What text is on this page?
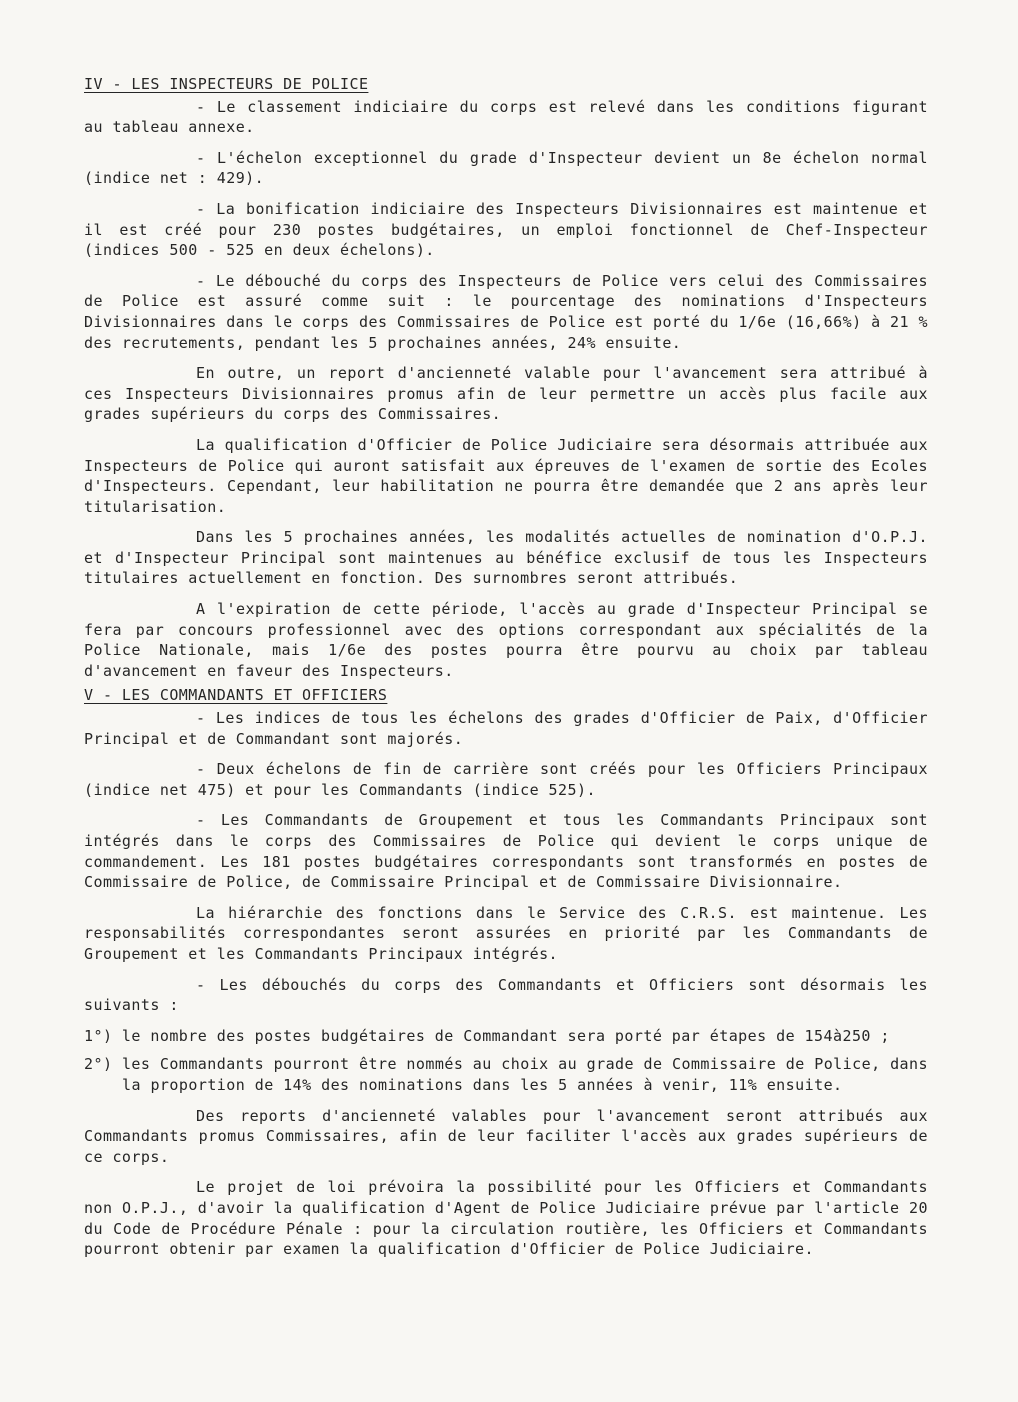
IV - LES INSPECTEURS DE POLICE

- Le classement indiciaire du corps est relevé dans les conditions figurant au tableau annexe.

- L'échelon exceptionnel du grade d'Inspecteur devient un 8e échelon normal (indice net : 429).

- La bonification indiciaire des Inspecteurs Divisionnaires est maintenue et il est créé pour 230 postes budgétaires, un emploi fonctionnel de Chef-Inspecteur (indices 500 - 525 en deux échelons).

- Le débouché du corps des Inspecteurs de Police vers celui des Commissaires de Police est assuré comme suit : le pourcentage des nominations d'Inspecteurs Divisionnaires dans le corps des Commissaires de Police est porté du 1/6e (16,66%) à 21 % des recrutements, pendant les 5 prochaines années, 24% ensuite.

En outre, un report d'ancienneté valable pour l'avancement sera attribué à ces Inspecteurs Divisionnaires promus afin de leur permettre un accès plus facile aux grades supérieurs du corps des Commissaires.

La qualification d'Officier de Police Judiciaire sera désormais attribuée aux Inspecteurs de Police qui auront satisfait aux épreuves de l'examen de sortie des Ecoles d'Inspecteurs. Cependant, leur habilitation ne pourra être demandée que 2 ans après leur titularisation.

Dans les 5 prochaines années, les modalités actuelles de nomination d'O.P.J. et d'Inspecteur Principal sont maintenues au bénéfice exclusif de tous les Inspecteurs titulaires actuellement en fonction. Des surnombres seront attribués.

A l'expiration de cette période, l'accès au grade d'Inspecteur Principal se fera par concours professionnel avec des options correspondant aux spécialités de la Police Nationale, mais 1/6e des postes pourra être pourvu au choix par tableau d'avancement en faveur des Inspecteurs.

V - LES COMMANDANTS ET OFFICIERS

- Les indices de tous les échelons des grades d'Officier de Paix, d'Officier Principal et de Commandant sont majorés.

- Deux échelons de fin de carrière sont créés pour les Officiers Principaux (indice net 475) et pour les Commandants (indice 525).

- Les Commandants de Groupement et tous les Commandants Principaux sont intégrés dans le corps des Commissaires de Police qui devient le corps unique de commandement. Les 181 postes budgétaires correspondants sont transformés en postes de Commissaire de Police, de Commissaire Principal et de Commissaire Divisionnaire.

La hiérarchie des fonctions dans le Service des C.R.S. est maintenue. Les responsabilités correspondantes seront assurées en priorité par les Commandants de Groupement et les Commandants Principaux intégrés.

- Les débouchés du corps des Commandants et Officiers sont désormais les suivants :

1°) le nombre des postes budgétaires de Commandant sera porté par étapes de 154à250 ;

2°) les Commandants pourront être nommés au choix au grade de Commissaire de Police, dans la proportion de 14% des nominations dans les 5 années à venir, 11% ensuite.

Des reports d'ancienneté valables pour l'avancement seront attribués aux Commandants promus Commissaires, afin de leur faciliter l'accès aux grades supérieurs de ce corps.

Le projet de loi prévoira la possibilité pour les Officiers et Commandants non O.P.J., d'avoir la qualification d'Agent de Police Judiciaire prévue par l'article 20 du Code de Procédure Pénale : pour la circulation routière, les Officiers et Commandants pourront obtenir par examen la qualification d'Officier de Police Judiciaire.
